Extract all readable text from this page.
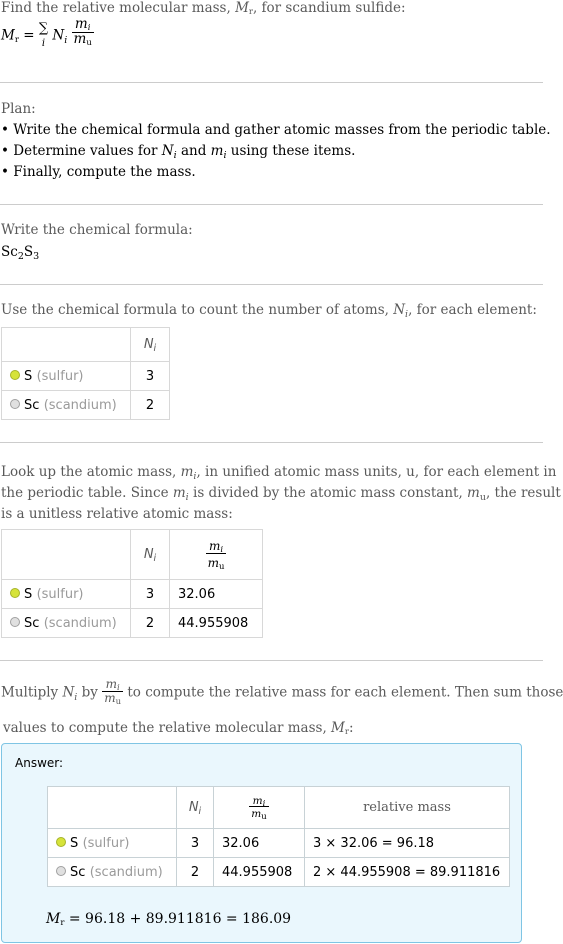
Find the relative molecular mass, Mr, for scandium sulfide:
Mr = ∑
i $N_i \frac{mi}{mu}$
Plan:
• Write the chemical formula and gather atomic masses from the periodic table.
• Determine values for $N_i$ and $m_i$ using these items.
• Finally, compute the mass.
Write the chemical formula:
$Sc_2S_3$
Use the chemical formula to count the number of atoms, $N_i$, for each element:
	$N_i$
S (sulfur)	3
Sc (scandium)	2
Look up the atomic mass, $m_i$, in unified atomic mass units, u, for each element in
the periodic table. Since $m_i$ is divided by the atomic mass constant, $m_u$, the result
is a unitless relative atomic mass:
	$N_i$	$\frac{mi}{mu}$

S (sulfur)	3	32.06
Sc (scandium)	2	44.955908
Multiply $N_i$ by $\frac{mi}{mu}$ to compute the relative mass for each element. Then sum those
values to compute the relative molecular mass, Mr:
Answer:
	$N_i$	$\frac{mi}{mu}$	relative mass
S (sulfur)	3	32.06	3 × 32.06 = 96.18
Sc (scandium)	2	44.955908	2 × 44.955908 = 89.911816
Mr = 96.18 + 89.911816 = 186.09
